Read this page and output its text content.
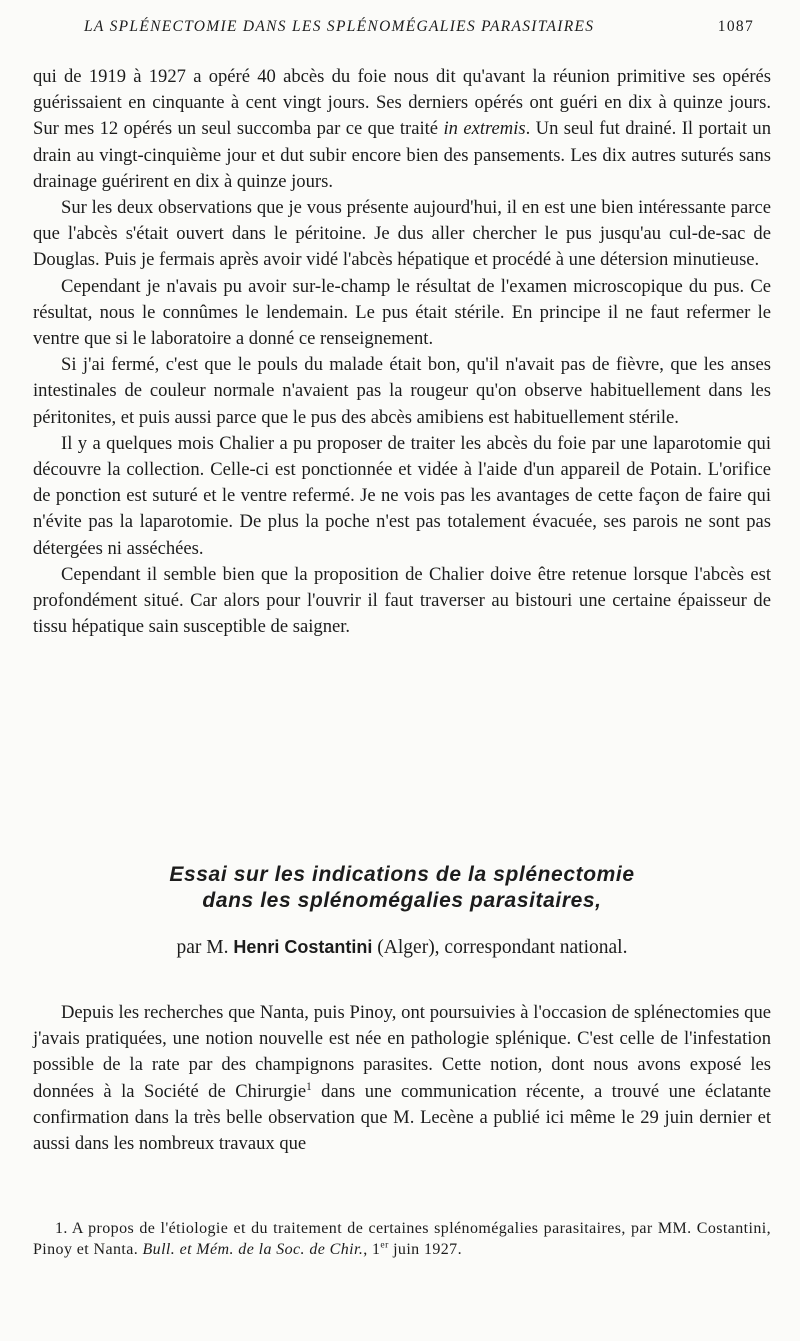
LA SPLÉNECTOMIE DANS LES SPLÉNOMÉGALIES PARASITAIRES	1087

qui de 1919 à 1927 a opéré 40 abcès du foie nous dit qu'avant la réunion primitive ses opérés guérissaient en cinquante à cent vingt jours. Ses derniers opérés ont guéri en dix à quinze jours. Sur mes 12 opérés un seul succomba par ce que traité in extremis. Un seul fut drainé. Il portait un drain au vingt-cinquième jour et dut subir encore bien des pansements. Les dix autres suturés sans drainage guérirent en dix à quinze jours.

Sur les deux observations que je vous présente aujourd'hui, il en est une bien intéressante parce que l'abcès s'était ouvert dans le péritoine. Je dus aller chercher le pus jusqu'au cul-de-sac de Douglas. Puis je fermais après avoir vidé l'abcès hépatique et procédé à une détersion minutieuse.

Cependant je n'avais pu avoir sur-le-champ le résultat de l'examen microscopique du pus. Ce résultat, nous le connûmes le lendemain. Le pus était stérile. En principe il ne faut refermer le ventre que si le laboratoire a donné ce renseignement.

Si j'ai fermé, c'est que le pouls du malade était bon, qu'il n'avait pas de fièvre, que les anses intestinales de couleur normale n'avaient pas la rougeur qu'on observe habituellement dans les péritonites, et puis aussi parce que le pus des abcès amibiens est habituellement stérile.

Il y a quelques mois Chalier a pu proposer de traiter les abcès du foie par une laparotomie qui découvre la collection. Celle-ci est ponctionnée et vidée à l'aide d'un appareil de Potain. L'orifice de ponction est suturé et le ventre refermé. Je ne vois pas les avantages de cette façon de faire qui n'évite pas la laparotomie. De plus la poche n'est pas totalement évacuée, ses parois ne sont pas détergées ni asséchées.

Cependant il semble bien que la proposition de Chalier doive être retenue lorsque l'abcès est profondément situé. Car alors pour l'ouvrir il faut traverser au bistouri une certaine épaisseur de tissu hépatique sain susceptible de saigner.

Essai sur les indications de la splénectomie
dans les splénomégalies parasitaires,
par M. Henri Costantini (Alger), correspondant national.

Depuis les recherches que Nanta, puis Pinoy, ont poursuivies à l'occasion de splénectomies que j'avais pratiquées, une notion nouvelle est née en pathologie splénique. C'est celle de l'infestation possible de la rate par des champignons parasites. Cette notion, dont nous avons exposé les données à la Société de Chirurgie$^1$ dans une communication récente, a trouvé une éclatante confirmation dans la très belle observation que M. Lecène a publié ici même le 29 juin dernier et aussi dans les nombreux travaux que

1. A propos de l'étiologie et du traitement de certaines splénomégalies parasitaires, par MM. Costantini, Pinoy et Nanta. Bull. et Mém. de la Soc. de Chir., 1er juin 1927.
